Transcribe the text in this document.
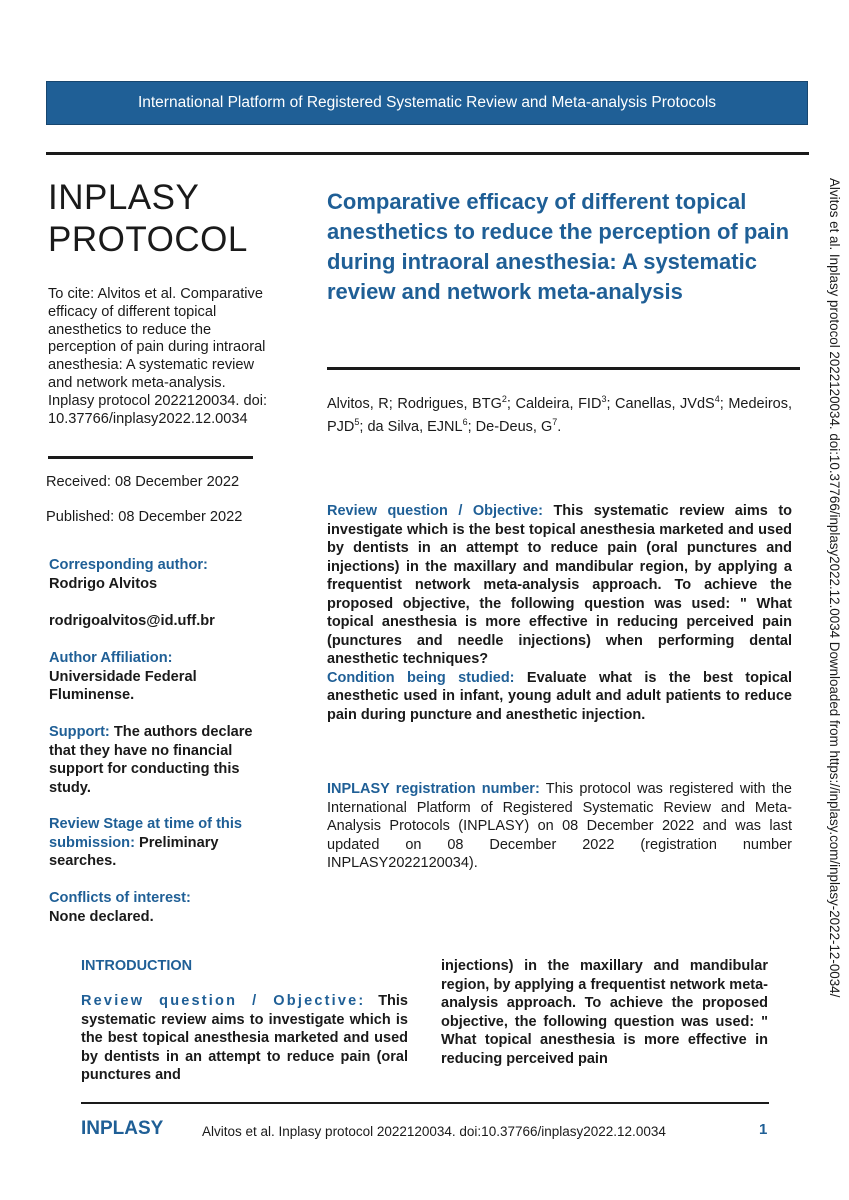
International Platform of Registered Systematic Review and Meta-analysis Protocols
Alvitos et al. Inplasy protocol 2022120034. doi:10.37766/inplasy2022.12.0034 Downloaded from https://inplasy.com/inplasy-2022-12-0034/
INPLASY
PROTOCOL
To cite: Alvitos et al. Comparative efficacy of different topical anesthetics to reduce the perception of pain during intraoral anesthesia: A systematic review and network meta-analysis. Inplasy protocol 2022120034. doi: 10.37766/inplasy2022.12.0034
Received: 08 December 2022
Published: 08 December 2022
Corresponding author:
Rodrigo Alvitos
rodrigoalvitos@id.uff.br
Author Affiliation:
Universidade Federal Fluminense.
Support: The authors declare that they have no financial support for conducting this study.
Review Stage at time of this submission: Preliminary searches.
Conflicts of interest:
None declared.
Comparative efficacy of different topical anesthetics to reduce the perception of pain during intraoral anesthesia: A systematic review and network meta-analysis
Alvitos, R; Rodrigues, BTG$^2$; Caldeira, FID$^3$; Canellas, JVdS$^4$; Medeiros, PJD$^5$; da Silva, EJNL$^6$; De-Deus, $G^7$.
Review question / Objective: This systematic review aims to investigate which is the best topical anesthesia marketed and used by dentists in an attempt to reduce pain (oral punctures and injections) in the maxillary and mandibular region, by applying a frequentist network meta-analysis approach. To achieve the proposed objective, the following question was used: " What topical anesthesia is more effective in reducing perceived pain (punctures and needle injections) when performing dental anesthetic techniques?
Condition being studied: Evaluate what is the best topical anesthetic used in infant, young adult and adult patients to reduce pain during puncture and anesthetic injection.
INPLASY registration number: This protocol was registered with the International Platform of Registered Systematic Review and Meta-Analysis Protocols (INPLASY) on 08 December 2022 and was last updated on 08 December 2022 (registration number INPLASY2022120034).
INTRODUCTION
Review question / Objective: This systematic review aims to investigate which is the best topical anesthesia marketed and used by dentists in an attempt to reduce pain (oral punctures and
injections) in the maxillary and mandibular region, by applying a frequentist network meta-analysis approach. To achieve the proposed objective, the following question was used: " What topical anesthesia is more effective in reducing perceived pain
INPLASY	Alvitos et al. Inplasy protocol 2022120034. doi:10.37766/inplasy2022.12.0034	1
